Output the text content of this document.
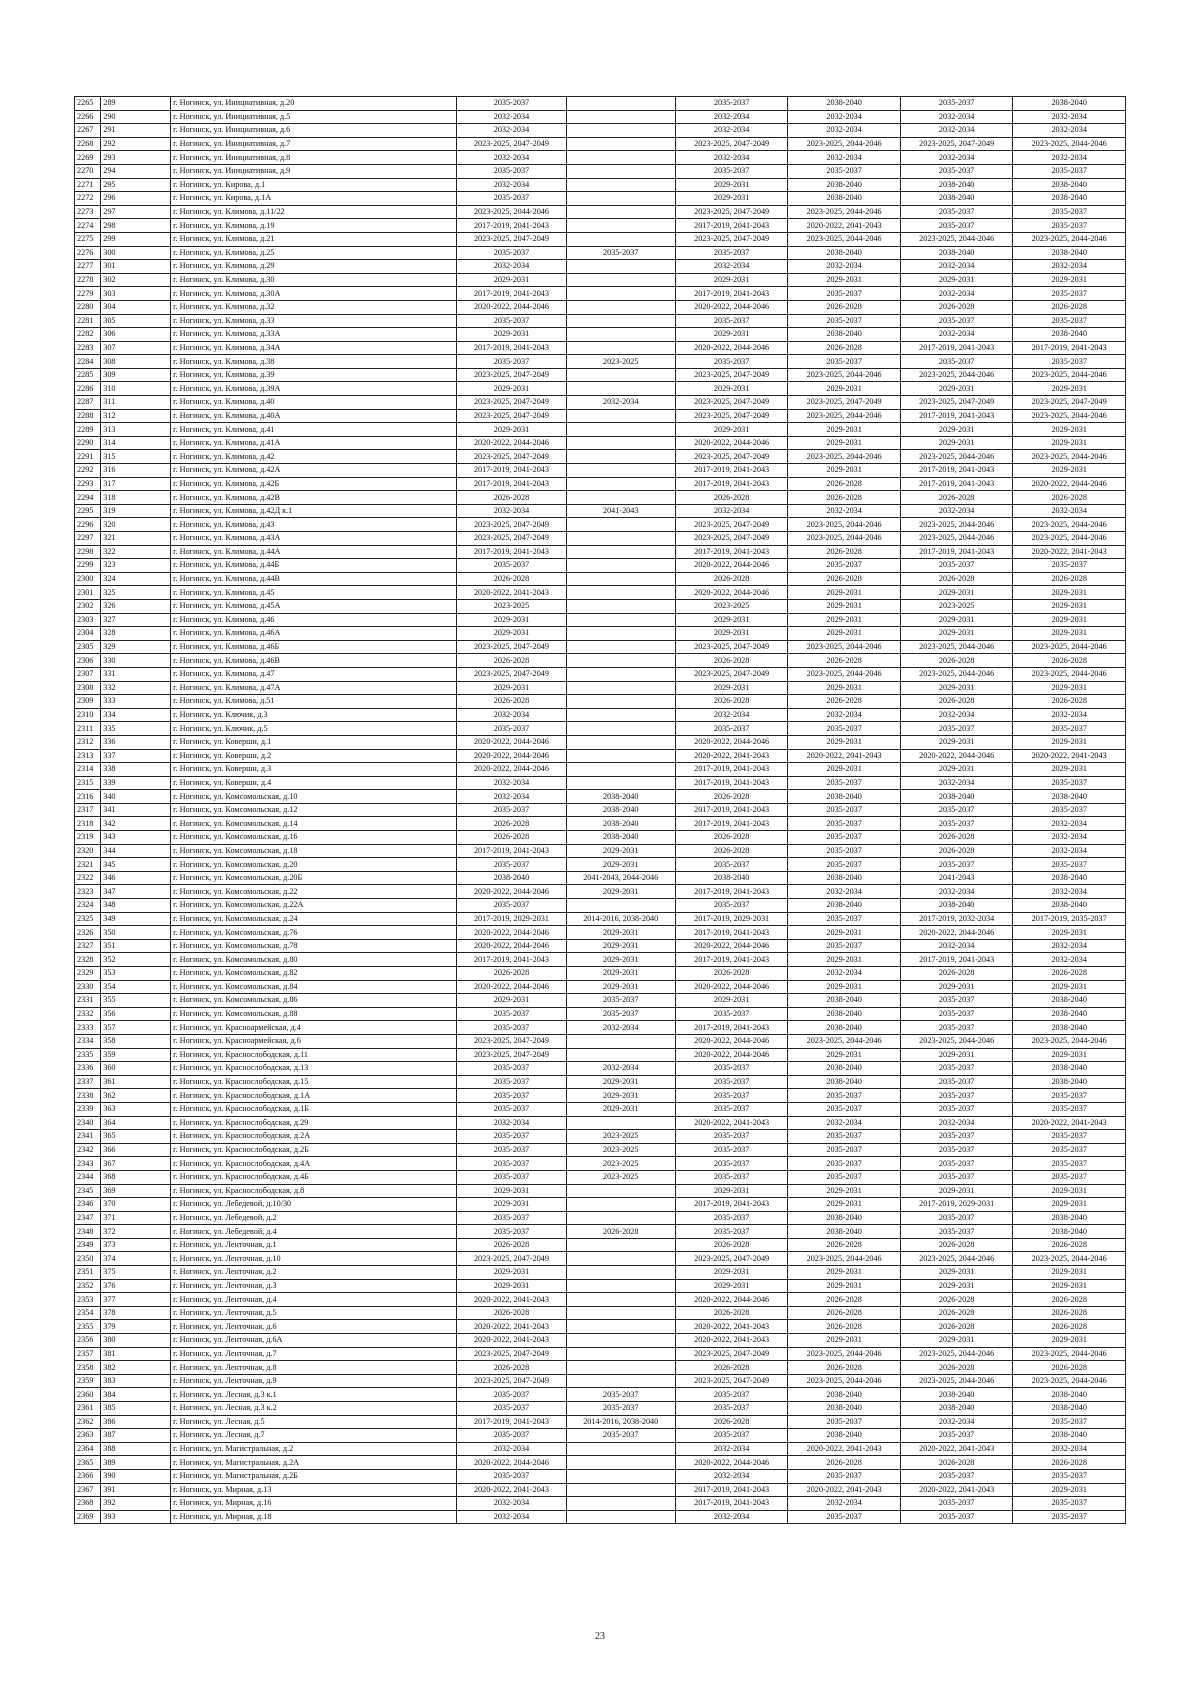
2265	289	г. Ногинск, ул. Инициативная, д.20	2035-2037		2035-2037	2038-2040	2035-2037	2038-2040
2266	290	г. Ногинск, ул. Инициативная, д.5	2032-2034		2032-2034	2032-2034	2032-2034	2032-2034
2267	291	г. Ногинск, ул. Инициативная, д.6	2032-2034		2032-2034	2032-2034	2032-2034	2032-2034
2268	292	г. Ногинск, ул. Инициативная, д.7	2023-2025, 2047-2049		2023-2025, 2047-2049	2023-2025, 2044-2046	2023-2025, 2047-2049	2023-2025, 2044-2046
2269	293	г. Ногинск, ул. Инициативная, д.8	2032-2034		2032-2034	2032-2034	2032-2034	2032-2034
2270	294	г. Ногинск, ул. Инициативная, д.9	2035-2037		2035-2037	2035-2037	2035-2037	2035-2037
2271	295	г. Ногинск, ул. Кирова, д.1	2032-2034		2029-2031	2038-2040	2038-2040	2038-2040
2272	296	г. Ногинск, ул. Кирова, д.1А	2035-2037		2029-2031	2038-2040	2038-2040	2038-2040
2273	297	г. Ногинск, ул. Климова, д.11/22	2023-2025, 2044-2046		2023-2025, 2047-2049	2023-2025, 2044-2046	2035-2037	2035-2037
2274	298	г. Ногинск, ул. Климова, д.19	2017-2019, 2041-2043		2017-2019, 2041-2043	2020-2022, 2041-2043	2035-2037	2035-2037
2275	299	г. Ногинск, ул. Климова, д.21	2023-2025, 2047-2049		2023-2025, 2047-2049	2023-2025, 2044-2046	2023-2025, 2044-2046	2023-2025, 2044-2046
2276	300	г. Ногинск, ул. Климова, д.25	2035-2037	2035-2037	2035-2037	2038-2040	2038-2040	2038-2040
2277	301	г. Ногинск, ул. Климова, д.29	2032-2034		2032-2034	2032-2034	2032-2034	2032-2034
2278	302	г. Ногинск, ул. Климова, д.30	2029-2031		2029-2031	2029-2031	2029-2031	2029-2031
2279	303	г. Ногинск, ул. Климова, д.30А	2017-2019, 2041-2043		2017-2019, 2041-2043	2035-2037	2032-2034	2035-2037
2280	304	г. Ногинск, ул. Климова, д.32	2020-2022, 2044-2046		2020-2022, 2044-2046	2026-2028	2026-2028	2026-2028
2281	305	г. Ногинск, ул. Климова, д.33	2035-2037		2035-2037	2035-2037	2035-2037	2035-2037
2282	306	г. Ногинск, ул. Климова, д.33А	2029-2031		2029-2031	2038-2040	2032-2034	2038-2040
2283	307	г. Ногинск, ул. Климова, д.34А	2017-2019, 2041-2043		2020-2022, 2044-2046	2026-2028	2017-2019, 2041-2043	2017-2019, 2041-2043
2284	308	г. Ногинск, ул. Климова, д.38	2035-2037	2023-2025	2035-2037	2035-2037	2035-2037	2035-2037
2285	309	г. Ногинск, ул. Климова, д.39	2023-2025, 2047-2049		2023-2025, 2047-2049	2023-2025, 2044-2046	2023-2025, 2044-2046	2023-2025, 2044-2046
2286	310	г. Ногинск, ул. Климова, д.39А	2029-2031		2029-2031	2029-2031	2029-2031	2029-2031
2287	311	г. Ногинск, ул. Климова, д.40	2023-2025, 2047-2049	2032-2034	2023-2025, 2047-2049	2023-2025, 2047-2049	2023-2025, 2047-2049	2023-2025, 2047-2049
2288	312	г. Ногинск, ул. Климова, д.40А	2023-2025, 2047-2049		2023-2025, 2047-2049	2023-2025, 2044-2046	2017-2019, 2041-2043	2023-2025, 2044-2046
2289	313	г. Ногинск, ул. Климова, д.41	2029-2031		2029-2031	2029-2031	2029-2031	2029-2031
2290	314	г. Ногинск, ул. Климова, д.41А	2020-2022, 2044-2046		2020-2022, 2044-2046	2029-2031	2029-2031	2029-2031
2291	315	г. Ногинск, ул. Климова, д.42	2023-2025, 2047-2049		2023-2025, 2047-2049	2023-2025, 2044-2046	2023-2025, 2044-2046	2023-2025, 2044-2046
2292	316	г. Ногинск, ул. Климова, д.42А	2017-2019, 2041-2043		2017-2019, 2041-2043	2029-2031	2017-2019, 2041-2043	2029-2031
2293	317	г. Ногинск, ул. Климова, д.42Б	2017-2019, 2041-2043		2017-2019, 2041-2043	2026-2028	2017-2019, 2041-2043	2020-2022, 2044-2046
2294	318	г. Ногинск, ул. Климова, д.42В	2026-2028		2026-2028	2026-2028	2026-2028	2026-2028
2295	319	г. Ногинск, ул. Климова, д.42Д к.1	2032-2034	2041-2043	2032-2034	2032-2034	2032-2034	2032-2034
2296	320	г. Ногинск, ул. Климова, д.43	2023-2025, 2047-2049		2023-2025, 2047-2049	2023-2025, 2044-2046	2023-2025, 2044-2046	2023-2025, 2044-2046
2297	321	г. Ногинск, ул. Климова, д.43А	2023-2025, 2047-2049		2023-2025, 2047-2049	2023-2025, 2044-2046	2023-2025, 2044-2046	2023-2025, 2044-2046
2298	322	г. Ногинск, ул. Климова, д.44А	2017-2019, 2041-2043		2017-2019, 2041-2043	2026-2028	2017-2019, 2041-2043	2020-2022, 2041-2043
2299	323	г. Ногинск, ул. Климова, д.44Б	2035-2037		2020-2022, 2044-2046	2035-2037	2035-2037	2035-2037
2300	324	г. Ногинск, ул. Климова, д.44В	2026-2028		2026-2028	2026-2028	2026-2028	2026-2028
2301	325	г. Ногинск, ул. Климова, д.45	2020-2022, 2041-2043		2020-2022, 2044-2046	2029-2031	2029-2031	2029-2031
2302	326	г. Ногинск, ул. Климова, д.45А	2023-2025		2023-2025	2029-2031	2023-2025	2029-2031
2303	327	г. Ногинск, ул. Климова, д.46	2029-2031		2029-2031	2029-2031	2029-2031	2029-2031
2304	328	г. Ногинск, ул. Климова, д.46А	2029-2031		2029-2031	2029-2031	2029-2031	2029-2031
2305	329	г. Ногинск, ул. Климова, д.46Б	2023-2025, 2047-2049		2023-2025, 2047-2049	2023-2025, 2044-2046	2023-2025, 2044-2046	2023-2025, 2044-2046
2306	330	г. Ногинск, ул. Климова, д.46В	2026-2028		2026-2028	2026-2028	2026-2028	2026-2028
2307	331	г. Ногинск, ул. Климова, д.47	2023-2025, 2047-2049		2023-2025, 2047-2049	2023-2025, 2044-2046	2023-2025, 2044-2046	2023-2025, 2044-2046
2308	332	г. Ногинск, ул. Климова, д.47А	2029-2031		2029-2031	2029-2031	2029-2031	2029-2031
2309	333	г. Ногинск, ул. Климова, д.51	2026-2028		2026-2028	2026-2028	2026-2028	2026-2028
2310	334	г. Ногинск, ул. Ключик, д.3	2032-2034		2032-2034	2032-2034	2032-2034	2032-2034
2311	335	г. Ногинск, ул. Ключик, д.5	2035-2037		2035-2037	2035-2037	2035-2037	2035-2037
2312	336	г. Ногинск, ул. Ковершн, д.1	2020-2022, 2044-2046		2020-2022, 2044-2046	2029-2031	2029-2031	2029-2031
2313	337	г. Ногинск, ул. Ковершн, д.2	2020-2022, 2044-2046		2020-2022, 2041-2043	2020-2022, 2041-2043	2020-2022, 2044-2046	2020-2022, 2041-2043
2314	338	г. Ногинск, ул. Ковершн, д.3	2020-2022, 2044-2046		2017-2019, 2041-2043	2029-2031	2029-2031	2029-2031
2315	339	г. Ногинск, ул. Ковершн, д.4	2032-2034		2017-2019, 2041-2043	2035-2037	2032-2034	2035-2037
2316	340	г. Ногинск, ул. Комсомольская, д.10	2032-2034	2038-2040	2026-2028	2038-2040	2038-2040	2038-2040
2317	341	г. Ногинск, ул. Комсомольская, д.12	2035-2037	2038-2040	2017-2019, 2041-2043	2035-2037	2035-2037	2035-2037
2318	342	г. Ногинск, ул. Комсомольская, д.14	2026-2028	2038-2040	2017-2019, 2041-2043	2035-2037	2035-2037	2032-2034
2319	343	г. Ногинск, ул. Комсомольская, д.16	2026-2028	2038-2040	2026-2028	2035-2037	2026-2028	2032-2034
2320	344	г. Ногинск, ул. Комсомольская, д.18	2017-2019, 2041-2043	2029-2031	2026-2028	2035-2037	2026-2028	2032-2034
2321	345	г. Ногинск, ул. Комсомольская, д.20	2035-2037	2029-2031	2035-2037	2035-2037	2035-2037	2035-2037
2322	346	г. Ногинск, ул. Комсомольская, д.20Б	2038-2040	2041-2043, 2044-2046	2038-2040	2038-2040	2041-2043	2038-2040
2323	347	г. Ногинск, ул. Комсомольская, д.22	2020-2022, 2044-2046	2029-2031	2017-2019, 2041-2043	2032-2034	2032-2034	2032-2034
2324	348	г. Ногинск, ул. Комсомольская, д.22А	2035-2037		2035-2037	2038-2040	2038-2040	2038-2040
2325	349	г. Ногинск, ул. Комсомольская, д.24	2017-2019, 2029-2031	2014-2016, 2038-2040	2017-2019, 2029-2031	2035-2037	2017-2019, 2032-2034	2017-2019, 2035-2037
2326	350	г. Ногинск, ул. Комсомольская, д.76	2020-2022, 2044-2046	2029-2031	2017-2019, 2041-2043	2029-2031	2020-2022, 2044-2046	2029-2031
2327	351	г. Ногинск, ул. Комсомольская, д.78	2020-2022, 2044-2046	2029-2031	2020-2022, 2044-2046	2035-2037	2032-2034	2032-2034
2328	352	г. Ногинск, ул. Комсомольская, д.80	2017-2019, 2041-2043	2029-2031	2017-2019, 2041-2043	2029-2031	2017-2019, 2041-2043	2032-2034
2329	353	г. Ногинск, ул. Комсомольская, д.82	2026-2028	2029-2031	2026-2028	2032-2034	2026-2028	2026-2028
2330	354	г. Ногинск, ул. Комсомольская, д.84	2020-2022, 2044-2046	2029-2031	2020-2022, 2044-2046	2029-2031	2029-2031	2029-2031
2331	355	г. Ногинск, ул. Комсомольская, д.86	2029-2031	2035-2037	2029-2031	2038-2040	2035-2037	2038-2040
2332	356	г. Ногинск, ул. Комсомольская, д.88	2035-2037	2035-2037	2035-2037	2038-2040	2035-2037	2038-2040
2333	357	г. Ногинск, ул. Красноармейская, д.4	2035-2037	2032-2034	2017-2019, 2041-2043	2038-2040	2035-2037	2038-2040
2334	358	г. Ногинск, ул. Красноармейская, д.6	2023-2025, 2047-2049		2020-2022, 2044-2046	2023-2025, 2044-2046	2023-2025, 2044-2046	2023-2025, 2044-2046
2335	359	г. Ногинск, ул. Краснослободская, д.11	2023-2025, 2047-2049		2020-2022, 2044-2046	2029-2031	2029-2031	2029-2031
2336	360	г. Ногинск, ул. Краснослободская, д.13	2035-2037	2032-2034	2035-2037	2038-2040	2035-2037	2038-2040
2337	361	г. Ногинск, ул. Краснослободская, д.15	2035-2037	2029-2031	2035-2037	2038-2040	2035-2037	2038-2040
2338	362	г. Ногинск, ул. Краснослободская, д.1А	2035-2037	2029-2031	2035-2037	2035-2037	2035-2037	2035-2037
2339	363	г. Ногинск, ул. Краснослободская, д.1Б	2035-2037	2029-2031	2035-2037	2035-2037	2035-2037	2035-2037
2340	364	г. Ногинск, ул. Краснослободская, д.29	2032-2034		2020-2022, 2041-2043	2032-2034	2032-2034	2020-2022, 2041-2043
2341	365	г. Ногинск, ул. Краснослободская, д.2А	2035-2037	2023-2025	2035-2037	2035-2037	2035-2037	2035-2037
2342	366	г. Ногинск, ул. Краснослободская, д.2Б	2035-2037	2023-2025	2035-2037	2035-2037	2035-2037	2035-2037
2343	367	г. Ногинск, ул. Краснослободская, д.4А	2035-2037	2023-2025	2035-2037	2035-2037	2035-2037	2035-2037
2344	368	г. Ногинск, ул. Краснослободская, д.4Б	2035-2037	2023-2025	2035-2037	2035-2037	2035-2037	2035-2037
2345	369	г. Ногинск, ул. Краснослободская, д.8	2029-2031		2029-2031	2029-2031	2029-2031	2029-2031
2346	370	г. Ногинск, ул. Лебедевой, д.10/30	2029-2031		2017-2019, 2041-2043	2029-2031	2017-2019, 2029-2031	2029-2031
2347	371	г. Ногинск, ул. Лебедевой, д.2	2035-2037		2035-2037	2038-2040	2035-2037	2038-2040
2348	372	г. Ногинск, ул. Лебедевой, д.4	2035-2037	2026-2028	2035-2037	2038-2040	2035-2037	2038-2040
2349	373	г. Ногинск, ул. Ленточная, д.1	2026-2028		2026-2028	2026-2028	2026-2028	2026-2028
2350	374	г. Ногинск, ул. Ленточная, д.10	2023-2025, 2047-2049		2023-2025, 2047-2049	2023-2025, 2044-2046	2023-2025, 2044-2046	2023-2025, 2044-2046
2351	375	г. Ногинск, ул. Ленточная, д.2	2029-2031		2029-2031	2029-2031	2029-2031	2029-2031
2352	376	г. Ногинск, ул. Ленточная, д.3	2029-2031		2029-2031	2029-2031	2029-2031	2029-2031
2353	377	г. Ногинск, ул. Ленточная, д.4	2020-2022, 2041-2043		2020-2022, 2044-2046	2026-2028	2026-2028	2026-2028
2354	378	г. Ногинск, ул. Ленточная, д.5	2026-2028		2026-2028	2026-2028	2026-2028	2026-2028
2355	379	г. Ногинск, ул. Ленточная, д.6	2020-2022, 2041-2043		2020-2022, 2041-2043	2026-2028	2026-2028	2026-2028
2356	380	г. Ногинск, ул. Ленточная, д.6А	2020-2022, 2041-2043		2020-2022, 2041-2043	2029-2031	2029-2031	2029-2031
2357	381	г. Ногинск, ул. Ленточная, д.7	2023-2025, 2047-2049		2023-2025, 2047-2049	2023-2025, 2044-2046	2023-2025, 2044-2046	2023-2025, 2044-2046
2358	382	г. Ногинск, ул. Ленточная, д.8	2026-2028		2026-2028	2026-2028	2026-2028	2026-2028
2359	383	г. Ногинск, ул. Ленточная, д.9	2023-2025, 2047-2049		2023-2025, 2047-2049	2023-2025, 2044-2046	2023-2025, 2044-2046	2023-2025, 2044-2046
2360	384	г. Ногинск, ул. Лесная, д.3 к.1	2035-2037	2035-2037	2035-2037	2038-2040	2038-2040	2038-2040
2361	385	г. Ногинск, ул. Лесная, д.3 к.2	2035-2037	2035-2037	2035-2037	2038-2040	2038-2040	2038-2040
2362	386	г. Ногинск, ул. Лесная, д.5	2017-2019, 2041-2043	2014-2016, 2038-2040	2026-2028	2035-2037	2032-2034	2035-2037
2363	387	г. Ногинск, ул. Лесная, д.7	2035-2037	2035-2037	2035-2037	2038-2040	2035-2037	2038-2040
2364	388	г. Ногинск, ул. Магистральная, д.2	2032-2034		2032-2034	2020-2022, 2041-2043	2020-2022, 2041-2043	2032-2034
2365	389	г. Ногинск, ул. Магистральная, д.2А	2020-2022, 2044-2046		2020-2022, 2044-2046	2026-2028	2026-2028	2026-2028
2366	390	г. Ногинск, ул. Магистральная, д.2Б	2035-2037		2032-2034	2035-2037	2035-2037	2035-2037
2367	391	г. Ногинск, ул. Мирная, д.13	2020-2022, 2041-2043		2017-2019, 2041-2043	2020-2022, 2041-2043	2020-2022, 2041-2043	2029-2031
2368	392	г. Ногинск, ул. Мирная, д.16	2032-2034		2017-2019, 2041-2043	2032-2034	2035-2037	2035-2037
2369	393	г. Ногинск, ул. Мирная, д.18	2032-2034		2032-2034	2035-2037	2035-2037	2035-2037
23
